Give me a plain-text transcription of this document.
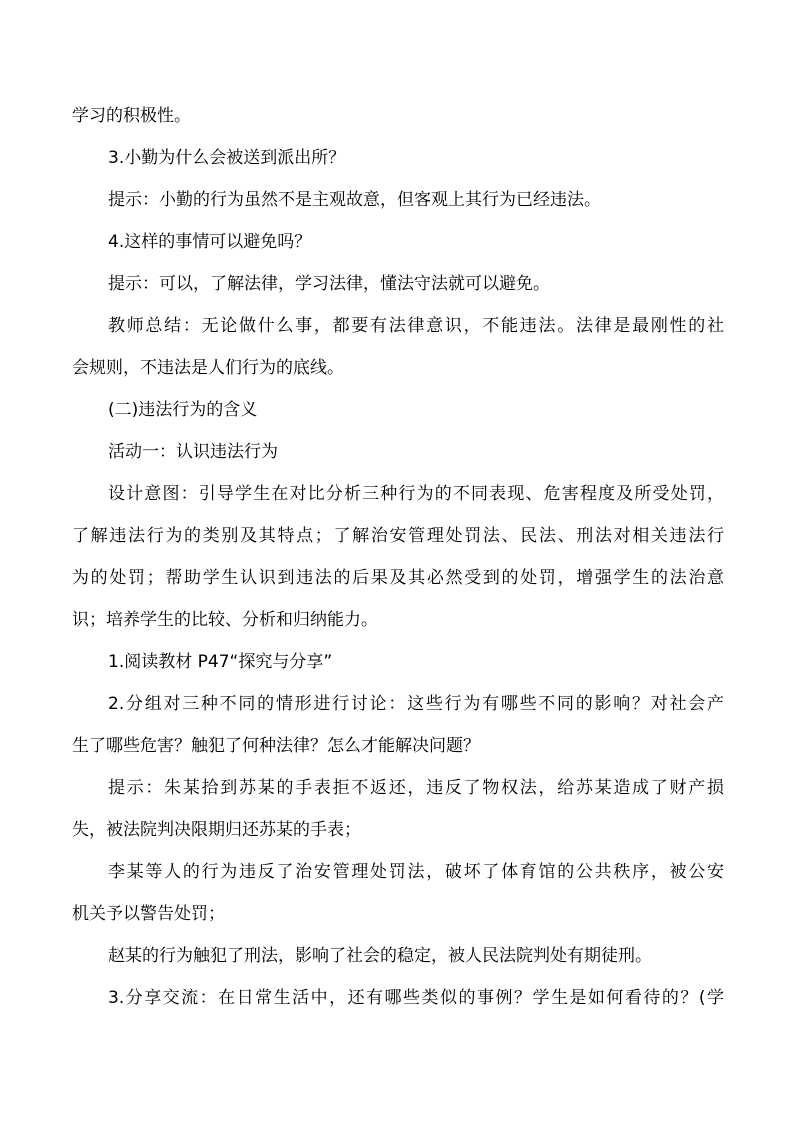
学习的积极性。
3.小勤为什么会被送到派出所？
提示：小勤的行为虽然不是主观故意，但客观上其行为已经违法。
4.这样的事情可以避免吗？
提示：可以，了解法律，学习法律，懂法守法就可以避免。
教师总结：无论做什么事，都要有法律意识，不能违法。法律是最刚性的社
会规则，不违法是人们行为的底线。
(二)违法行为的含义
活动一：认识违法行为
设计意图：引导学生在对比分析三种行为的不同表现、危害程度及所受处罚，
了解违法行为的类别及其特点；了解治安管理处罚法、民法、刑法对相关违法行
为的处罚；帮助学生认识到违法的后果及其必然受到的处罚，增强学生的法治意
识；培养学生的比较、分析和归纳能力。
1.阅读教材 P47“探究与分享”
2.分组对三种不同的情形进行讨论：这些行为有哪些不同的影响？对社会产
生了哪些危害？触犯了何种法律？怎么才能解决问题？
提示：朱某拾到苏某的手表拒不返还，违反了物权法，给苏某造成了财产损
失，被法院判决限期归还苏某的手表；
李某等人的行为违反了治安管理处罚法，破坏了体育馆的公共秩序，被公安
机关予以警告处罚；
赵某的行为触犯了刑法，影响了社会的稳定，被人民法院判处有期徒刑。
3.分享交流：在日常生活中，还有哪些类似的事例？学生是如何看待的？(学
